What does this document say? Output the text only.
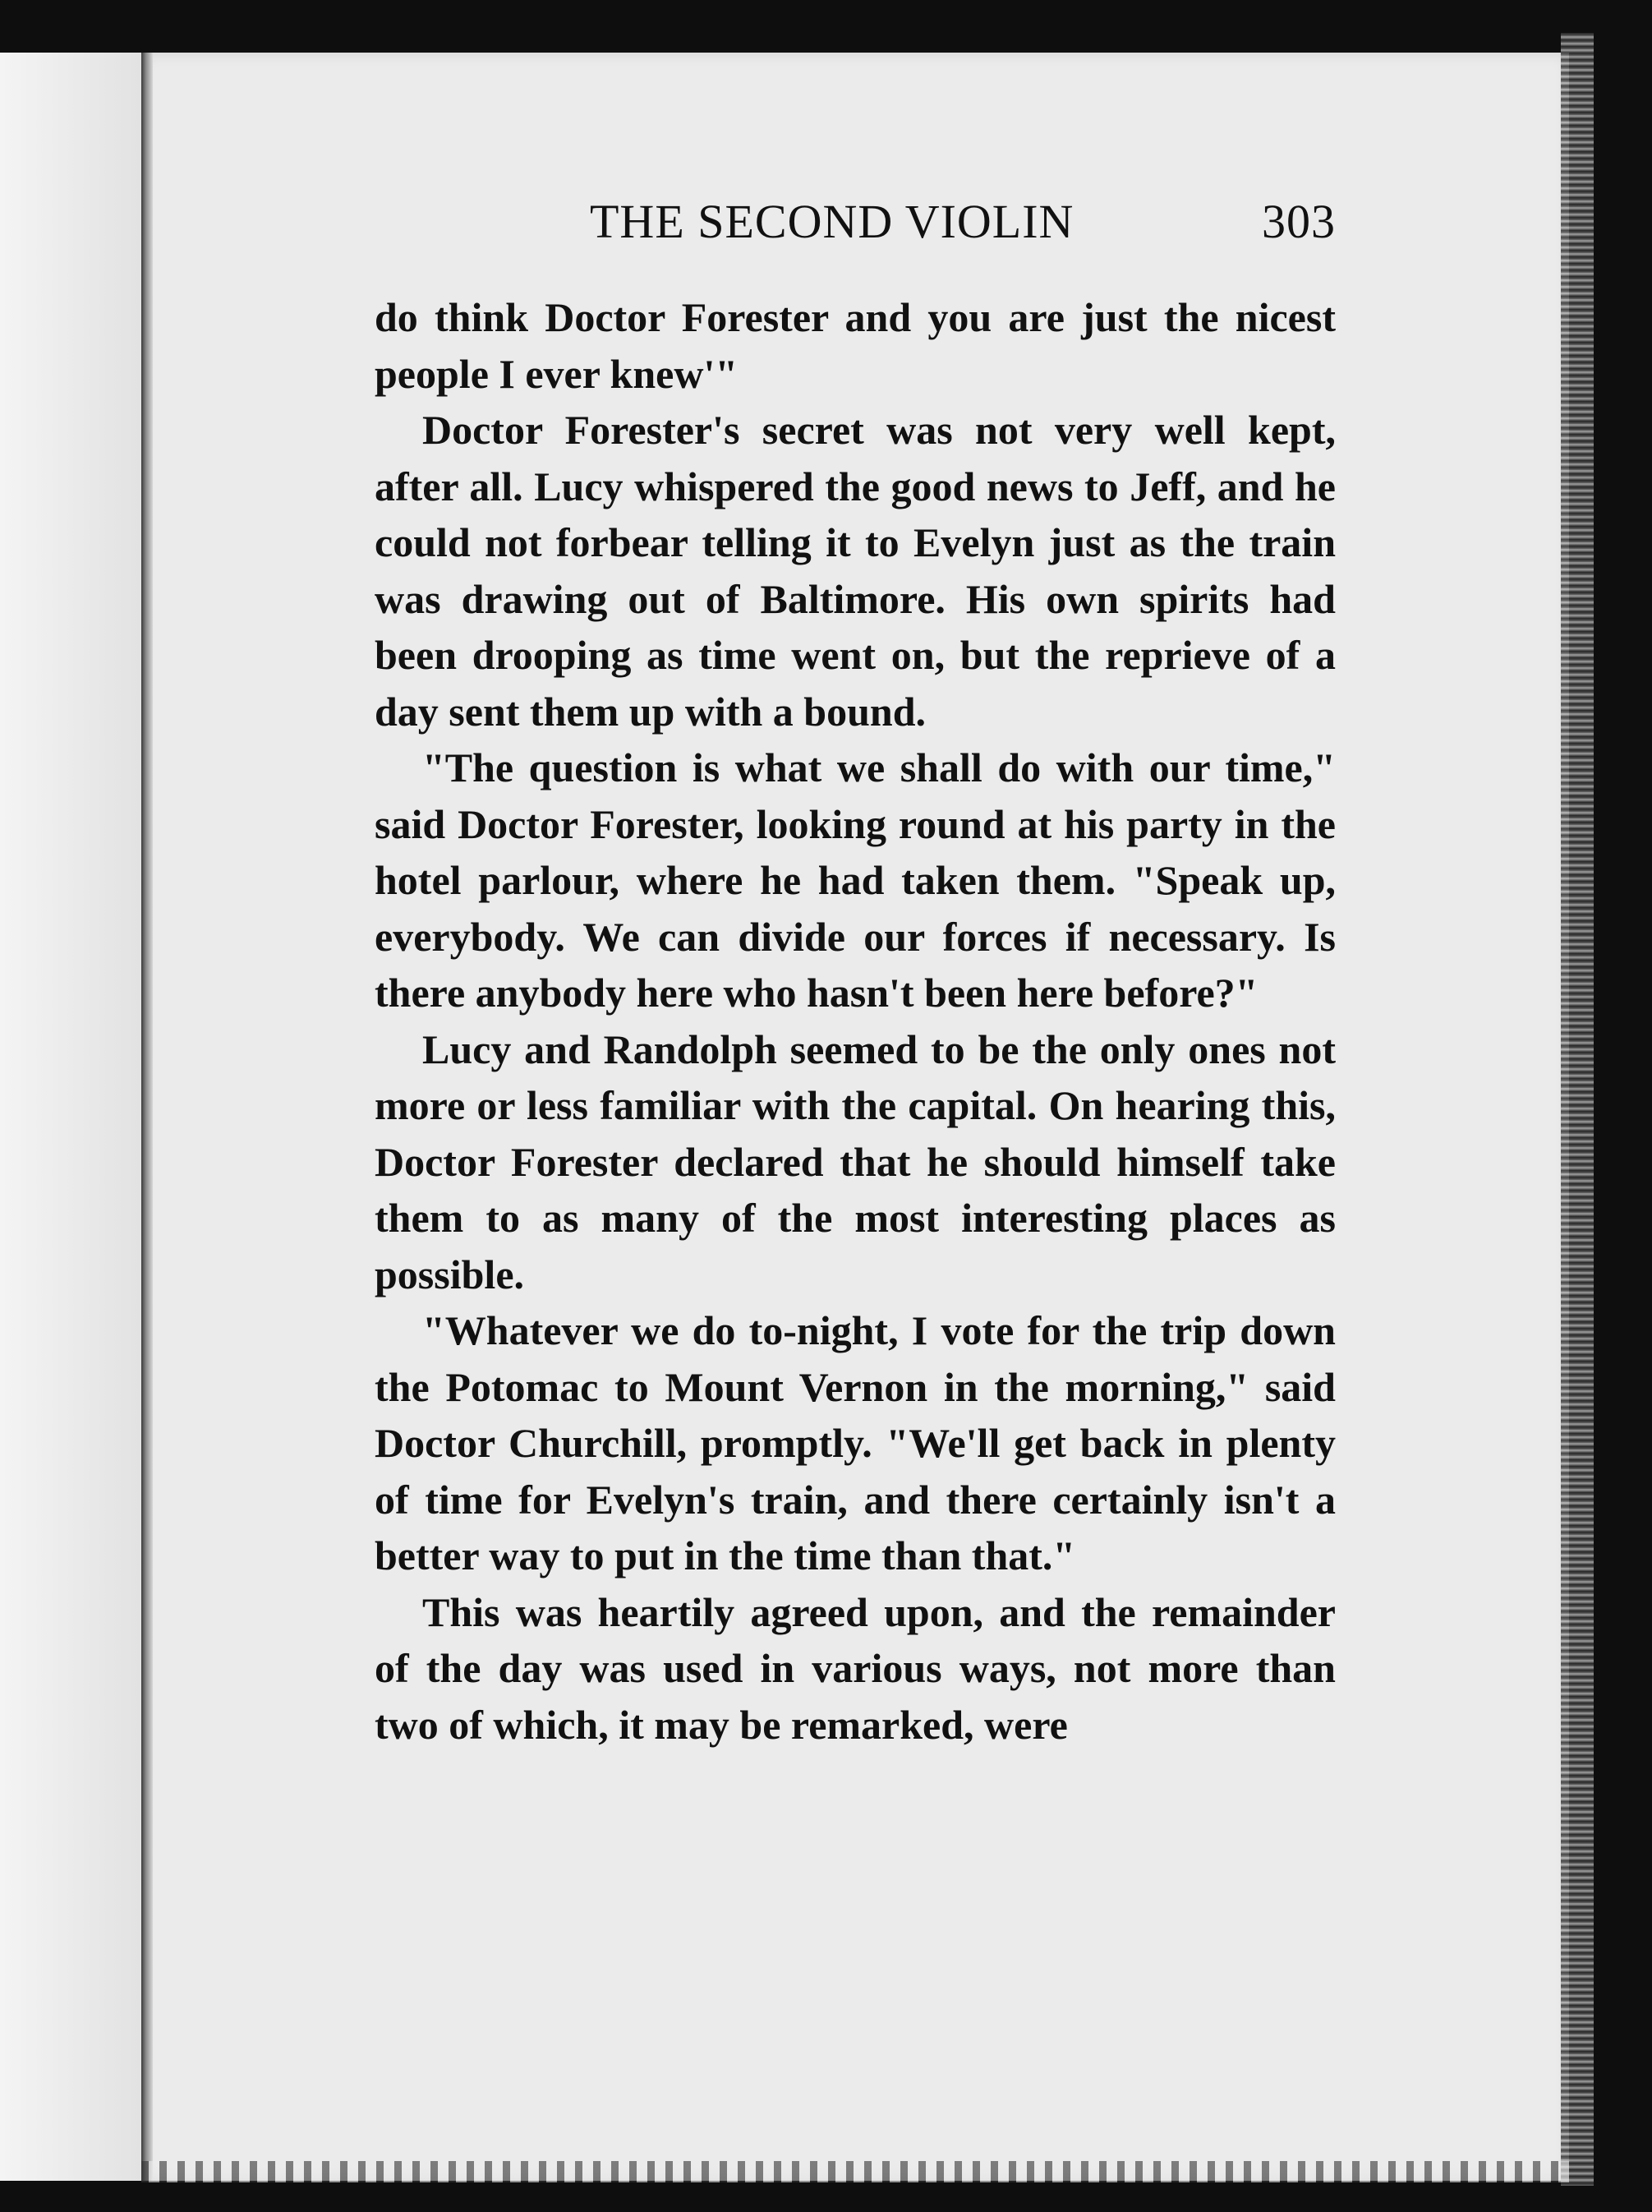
THE SECOND VIOLIN	303

do think Doctor Forester and you are just the nicest people I ever knew'"

Doctor Forester's secret was not very well kept, after all. Lucy whispered the good news to Jeff, and he could not forbear telling it to Evelyn just as the train was drawing out of Baltimore. His own spirits had been drooping as time went on, but the reprieve of a day sent them up with a bound.

"The question is what we shall do with our time," said Doctor Forester, looking round at his party in the hotel parlour, where he had taken them. "Speak up, everybody. We can divide our forces if necessary. Is there anybody here who hasn't been here before?"

Lucy and Randolph seemed to be the only ones not more or less familiar with the capital. On hearing this, Doctor Forester declared that he should himself take them to as many of the most interesting places as possible.

"Whatever we do to-night, I vote for the trip down the Potomac to Mount Vernon in the morning," said Doctor Churchill, promptly. "We'll get back in plenty of time for Evelyn's train, and there certainly isn't a better way to put in the time than that."

This was heartily agreed upon, and the remainder of the day was used in various ways, not more than two of which, it may be remarked, were
